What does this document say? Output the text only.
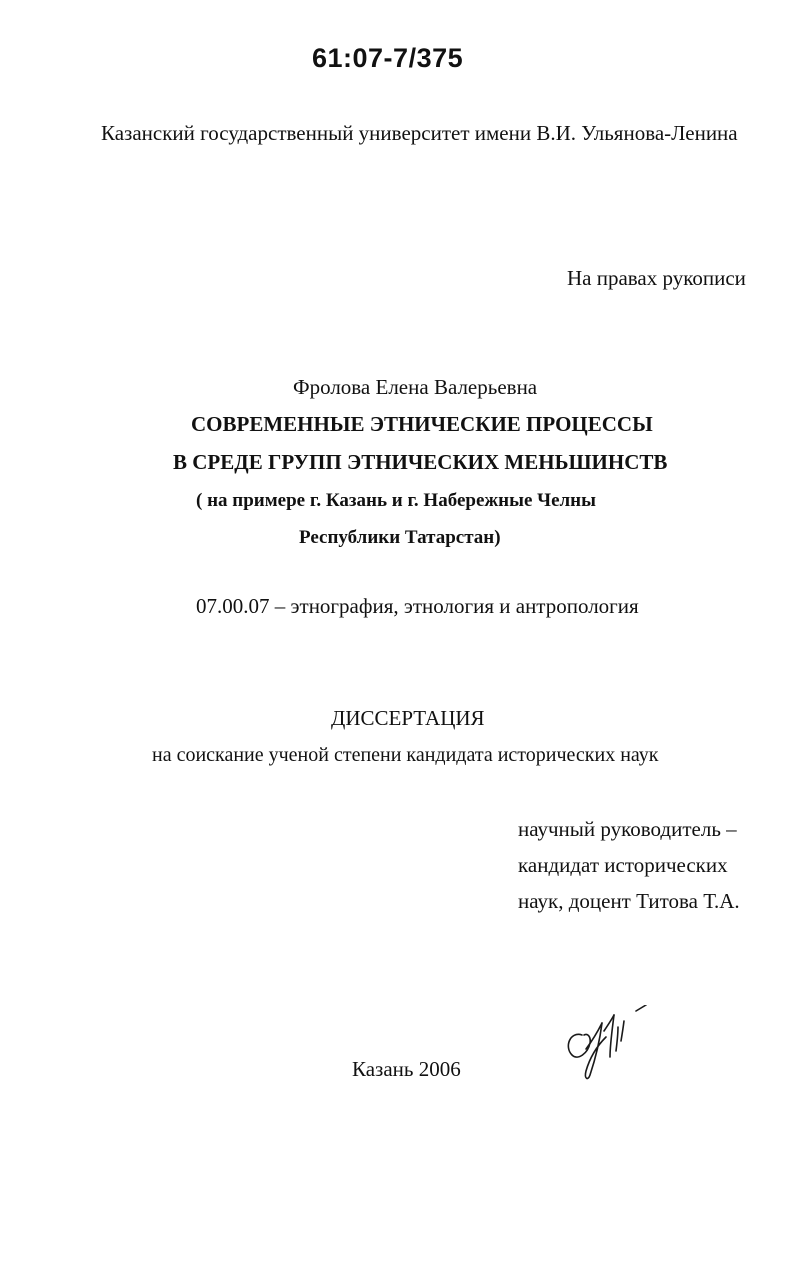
61:07-7/375
Казанский государственный университет имени В.И. Ульянова-Ленина
На правах рукописи
Фролова Елена Валерьевна
СОВРЕМЕННЫЕ ЭТНИЧЕСКИЕ ПРОЦЕССЫ
В СРЕДЕ ГРУПП ЭТНИЧЕСКИХ МЕНЬШИНСТВ
( на примере г. Казань и г. Набережные Челны
Республики Татарстан)
07.00.07 – этнография, этнология и антропология
ДИССЕРТАЦИЯ
на соискание ученой степени кандидата исторических наук
научный руководитель –
кандидат исторических
наук, доцент Титова Т.А.
Казань 2006
